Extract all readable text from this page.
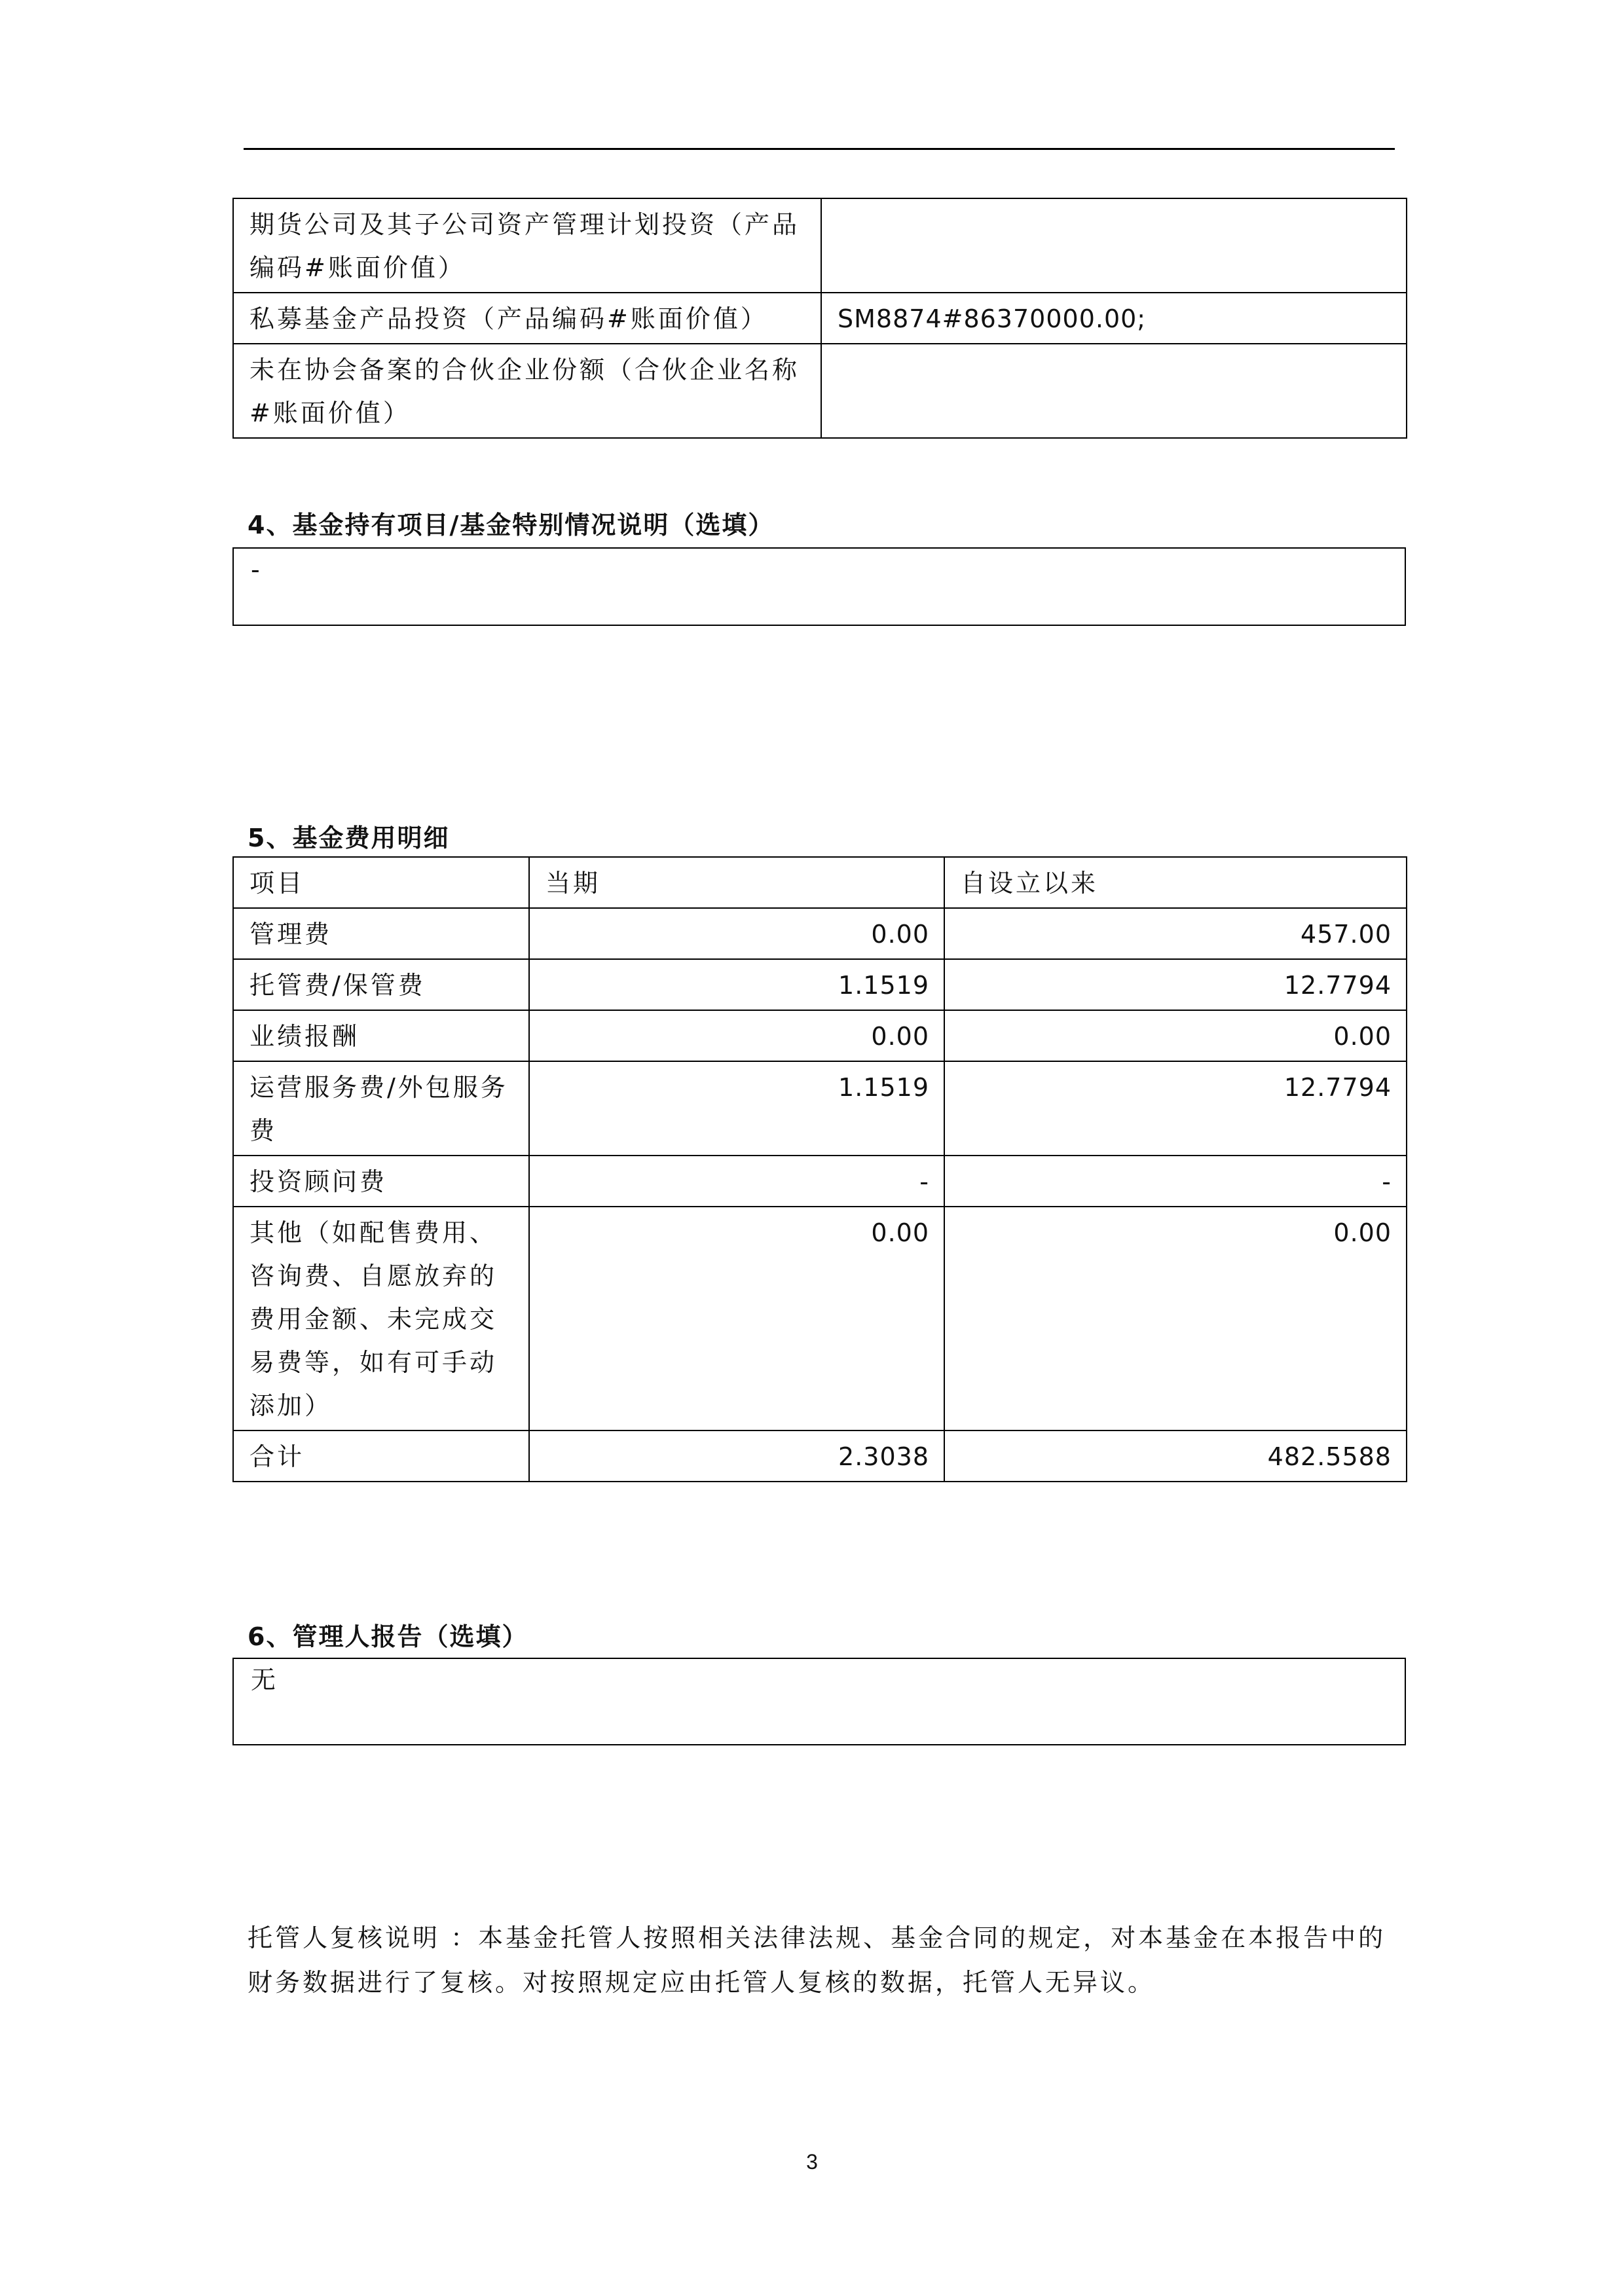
期货公司及其子公司资产管理计划投资（产品编码#账面价值）	
私募基金产品投资（产品编码#账面价值）	SM8874#86370000.00;
未在协会备案的合伙企业份额（合伙企业名称#账面价值）	
4、基金持有项目/基金特别情况说明（选填）
-
5、基金费用明细
项目	当期	自设立以来
管理费	0.00	457.00
托管费/保管费	1.1519	12.7794
业绩报酬	0.00	0.00
运营服务费/外包服务费	1.1519	12.7794
投资顾问费	-	-
其他（如配售费用、咨询费、自愿放弃的费用金额、未完成交易费等，如有可手动添加）	0.00	0.00
合计	2.3038	482.5588
6、管理人报告（选填）
无
托管人复核说明 ：本基金托管人按照相关法律法规、基金合同的规定，对本基金在本报告中的财务数据进行了复核。对按照规定应由托管人复核的数据，托管人无异议。
3
